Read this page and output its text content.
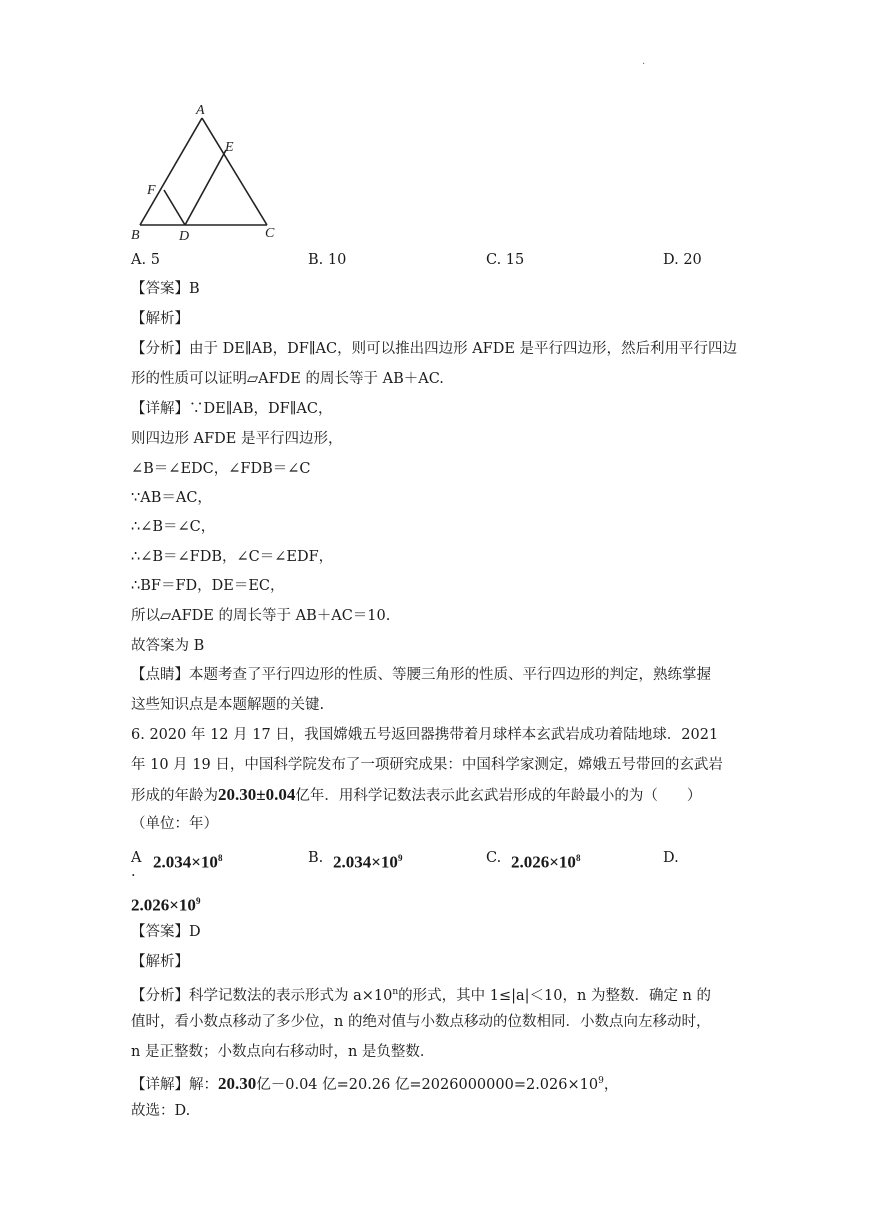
.
A
E
F
B	D	C
A. 5	B. 10	C. 15	D. 20
【答案】B
【解析】
【分析】由于 DE∥AB，DF∥AC，则可以推出四边形 AFDE 是平行四边形，然后利用平行四边
形的性质可以证明▱AFDE 的周长等于 AB＋AC.
【详解】∵DE∥AB，DF∥AC，
则四边形 AFDE 是平行四边形，
∠B＝∠EDC，∠FDB＝∠C
∵AB＝AC，
∴∠B＝∠C，
∴∠B＝∠FDB，∠C＝∠EDF，
∴BF＝FD，DE＝EC，
所以▱AFDE 的周长等于 AB＋AC＝10.
故答案为 B
【点睛】本题考查了平行四边形的性质、等腰三角形的性质、平行四边形的判定，熟练掌握
这些知识点是本题解题的关键.
6. 2020 年 12 月 17 日，我国嫦娥五号返回器携带着月球样本玄武岩成功着陆地球．2021
年 10 月 19 日，中国科学院发布了一项研究成果：中国科学家测定，嫦娥五号带回的玄武岩
形成的年龄为20.30±0.04亿年．用科学记数法表示此玄武岩形成的年龄最小的为（　　）
（单位：年）
A
.
$2.034\times 10^8$	B. $2.034\times 10^9$	C. $2.026\times 10^8$	D.
$2.026\times 10^9$
【答案】D
【解析】
【分析】科学记数法的表示形式为 $a\times 10^n$的形式，其中 1≤|a|＜10，n 为整数．确定 n 的
值时，看小数点移动了多少位，n 的绝对值与小数点移动的位数相同．小数点向左移动时，
n 是正整数；小数点向右移动时，n 是负整数．
【详解】解：20.30亿－0.04 亿=20.26 亿$=2026000000=2.026\times 10^9$，
故选：D.
